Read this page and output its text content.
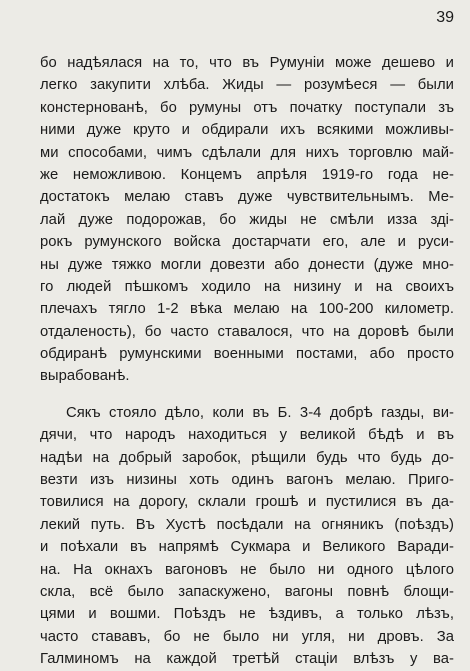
39

бо надѣялася на то, что въ Румунiи може дешево и
легко закупити хлѣба. Жиды — розумѣеся — были
констернованѣ, бо румуны отъ початку поступали зъ
ними дуже круто и обдирали ихъ всякими можливы-
ми способами, чимъ сдѣлали для нихъ торговлю май-
же неможливою. Концемъ апрѣля 1919-го года не-
достатокъ мелаю ставъ дуже чувствительнымъ. Ме-
лай дуже подорожав, бо жиды не смѣли изза здi-
рокъ румунского войска достарчати его, але и руси-
ны дуже тяжко могли довезти або донести (дуже мно-
го людей пѣшкомъ ходило на низину и на своихъ
плечахъ тягло 1-2 вѣка мелаю на 100-200 километр.
отдаленость), бо часто ставалося, что на доровѣ были
обдиранѣ румунскими военными постами, або просто
вырабованѣ.

Сякъ стояло дѣло, коли въ Б. 3-4 добрѣ газды, ви-
дячи, что народъ находиться у великой бѣдѣ и въ
надѣи на добрый заробок, рѣщили будь что будь до-
везти изъ низины хоть одинъ вагонъ мелаю. Пригo-
товилися на дорогу, склали грошѣ и пустилися въ да-
лекий путь. Въ Хустѣ посѣдали на огняникъ (поѣздъ)
и поѣхали въ напрямѣ Сукмара и Великого Варади-
на. На окнахъ вагоновъ не было ни одного цѣлого
скла, всё было запаскужено, вагоны повнѣ блощи-
цями и вошми. Поѣздъ не ѣздивъ, а только лѣзъ,
часто стававъ, бо не было ни угля, ни дровъ. За
Галминомъ на каждой третѣй стацiи влѣзъ у ва-
